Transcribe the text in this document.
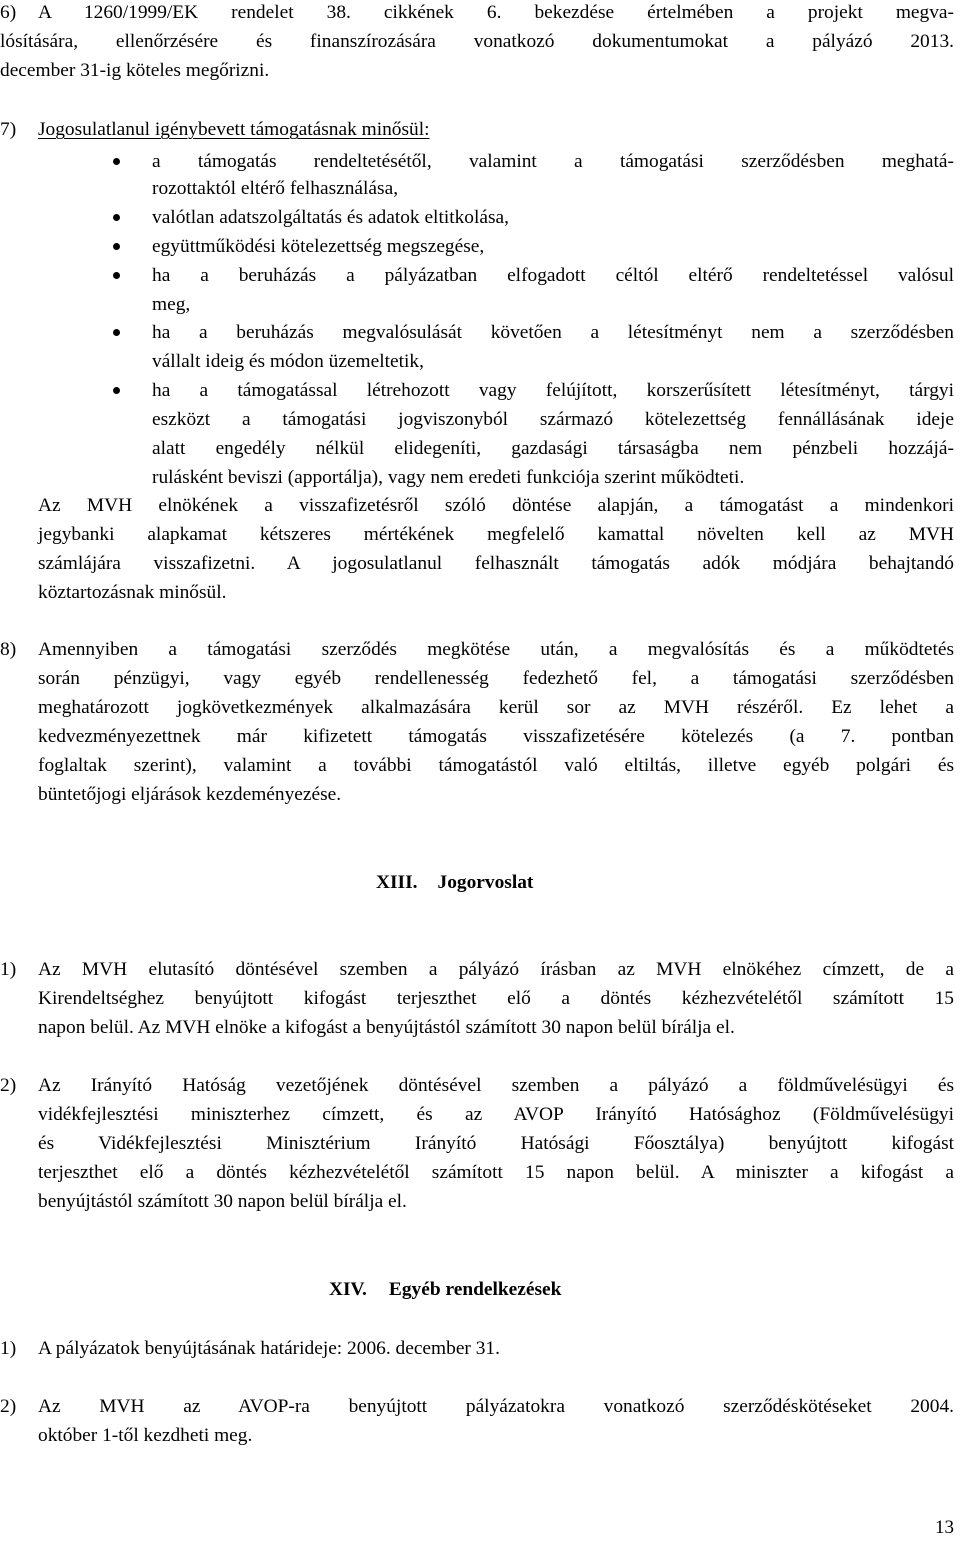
6) A 1260/1999/EK rendelet 38. cikkének 6. bekezdése értelmében a projekt megva-
lósítására, ellenőrzésére és finanszírozására vonatkozó dokumentumokat a pályázó 2013.
december 31-ig köteles megőrizni.
7) Jogosulatlanul igénybevett támogatásnak minősül:
a támogatás rendeltetésétől, valamint a támogatási szerződésben meghatá-
rozottaktól eltérő felhasználása,
valótlan adatszolgáltatás és adatok eltitkolása,
együttműködési kötelezettség megszegése,
ha a beruházás a pályázatban elfogadott céltól eltérő rendeltetéssel valósul
meg,
ha a beruházás megvalósulását követően a létesítményt nem a szerződésben
vállalt ideig és módon üzemeltetik,
ha a támogatással létrehozott vagy felújított, korszerűsített létesítményt, tárgyi
eszközt a támogatási jogviszonyból származó kötelezettség fennállásának ideje
alatt engedély nélkül elidegeníti, gazdasági társaságba nem pénzbeli hozzájá-
rulásként beviszi (apportálja), vagy nem eredeti funkciója szerint működteti.
Az MVH elnökének a visszafizetésről szóló döntése alapján, a támogatást a mindenkori
jegybanki alapkamat kétszeres mértékének megfelelő kamattal növelten kell az MVH
számlájára visszafizetni. A jogosulatlanul felhasznált támogatás adók módjára behajtandó
köztartozásnak minősül.
8) Amennyiben a támogatási szerződés megkötése után, a megvalósítás és a működtetés
során pénzügyi, vagy egyéb rendellenesség fedezhető fel, a támogatási szerződésben
meghatározott jogkövetkezmények alkalmazására kerül sor az MVH részéről. Ez lehet a
kedvezményezettnek már kifizetett támogatás visszafizetésére kötelezés (a 7. pontban
foglaltak szerint), valamint a további támogatástól való eltiltás, illetve egyéb polgári és
büntetőjogi eljárások kezdeményezése.
XIII. Jogorvoslat
1) Az MVH elutasító döntésével szemben a pályázó írásban az MVH elnökéhez címzett, de a
Kirendeltséghez benyújtott kifogást terjeszthet elő a döntés kézhezvételétől számított 15
napon belül. Az MVH elnöke a kifogást a benyújtástól számított 30 napon belül bírálja el.
2) Az Irányító Hatóság vezetőjének döntésével szemben a pályázó a földművelésügyi és
vidékfejlesztési miniszterhez címzett, és az AVOP Irányító Hatósághoz (Földművelésügyi
és Vidékfejlesztési Minisztérium Irányító Hatósági Főosztálya) benyújtott kifogást
terjeszthet elő a döntés kézhezvételétől számított 15 napon belül. A miniszter a kifogást a
benyújtástól számított 30 napon belül bírálja el.
XIV. Egyéb rendelkezések
1) A pályázatok benyújtásának határideje: 2006. december 31.
2) Az MVH az AVOP-ra benyújtott pályázatokra vonatkozó szerződéskötéseket 2004.
október 1-től kezdheti meg.
13
